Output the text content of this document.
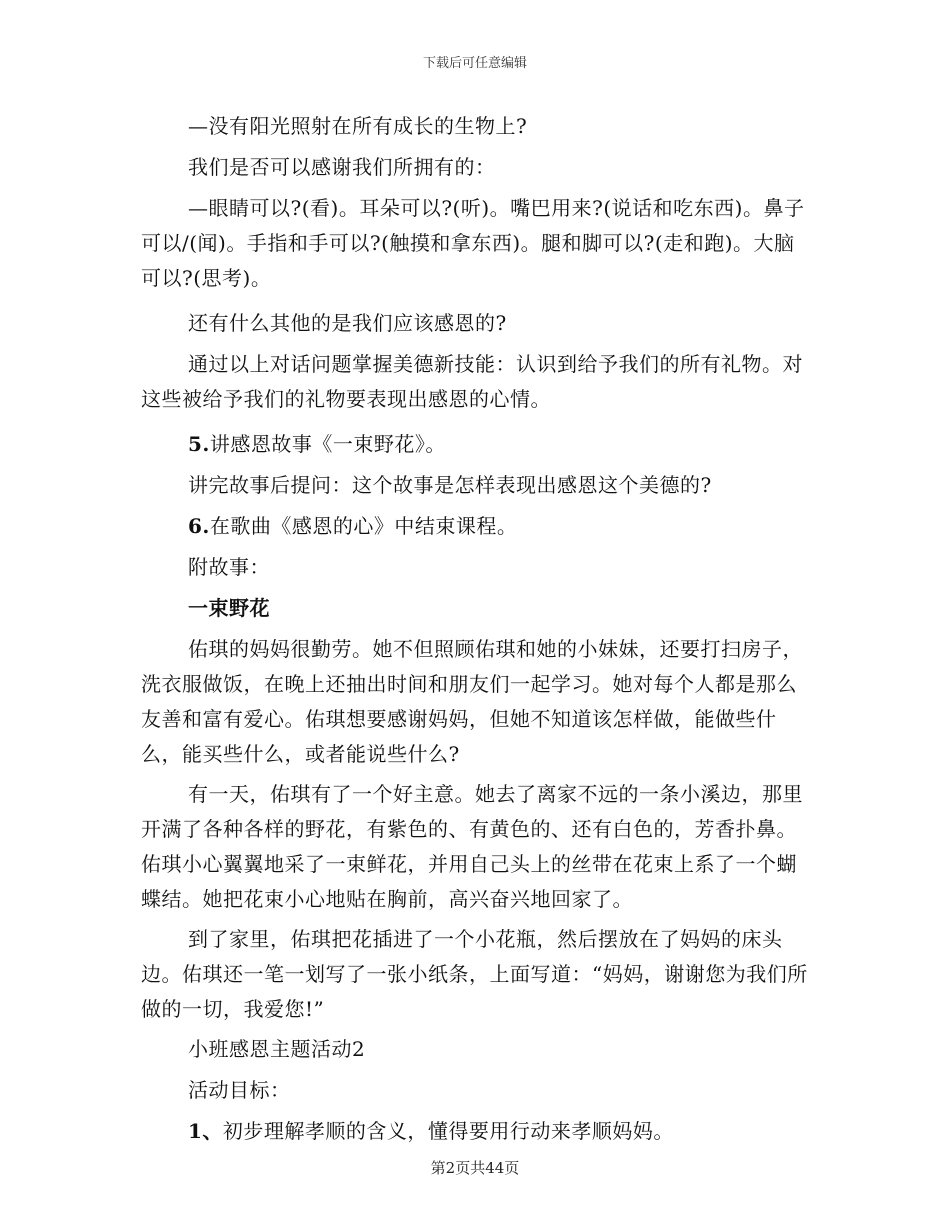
下载后可任意编辑

—没有阳光照射在所有成长的生物上?

我们是否可以感谢我们所拥有的：

—眼睛可以?(看)。耳朵可以?(听)。嘴巴用来?(说话和吃东西)。鼻子可以/(闻)。手指和手可以?(触摸和拿东西)。腿和脚可以?(走和跑)。大脑可以?(思考)。

还有什么其他的是我们应该感恩的?

通过以上对话问题掌握美德新技能：认识到给予我们的所有礼物。对这些被给予我们的礼物要表现出感恩的心情。

5.讲感恩故事《一束野花》。

讲完故事后提问：这个故事是怎样表现出感恩这个美德的?

6.在歌曲《感恩的心》中结束课程。

附故事：

一束野花

佑琪的妈妈很勤劳。她不但照顾佑琪和她的小妹妹，还要打扫房子，洗衣服做饭，在晚上还抽出时间和朋友们一起学习。她对每个人都是那么友善和富有爱心。佑琪想要感谢妈妈，但她不知道该怎样做，能做些什么，能买些什么，或者能说些什么?

有一天，佑琪有了一个好主意。她去了离家不远的一条小溪边，那里开满了各种各样的野花，有紫色的、有黄色的、还有白色的，芳香扑鼻。佑琪小心翼翼地采了一束鲜花，并用自己头上的丝带在花束上系了一个蝴蝶结。她把花束小心地贴在胸前，高兴奋兴地回家了。

到了家里，佑琪把花插进了一个小花瓶，然后摆放在了妈妈的床头边。佑琪还一笔一划写了一张小纸条，上面写道：“妈妈，谢谢您为我们所做的一切，我爱您!”

小班感恩主题活动2

活动目标：

1、初步理解孝顺的含义，懂得要用行动来孝顺妈妈。

第2页共44页
